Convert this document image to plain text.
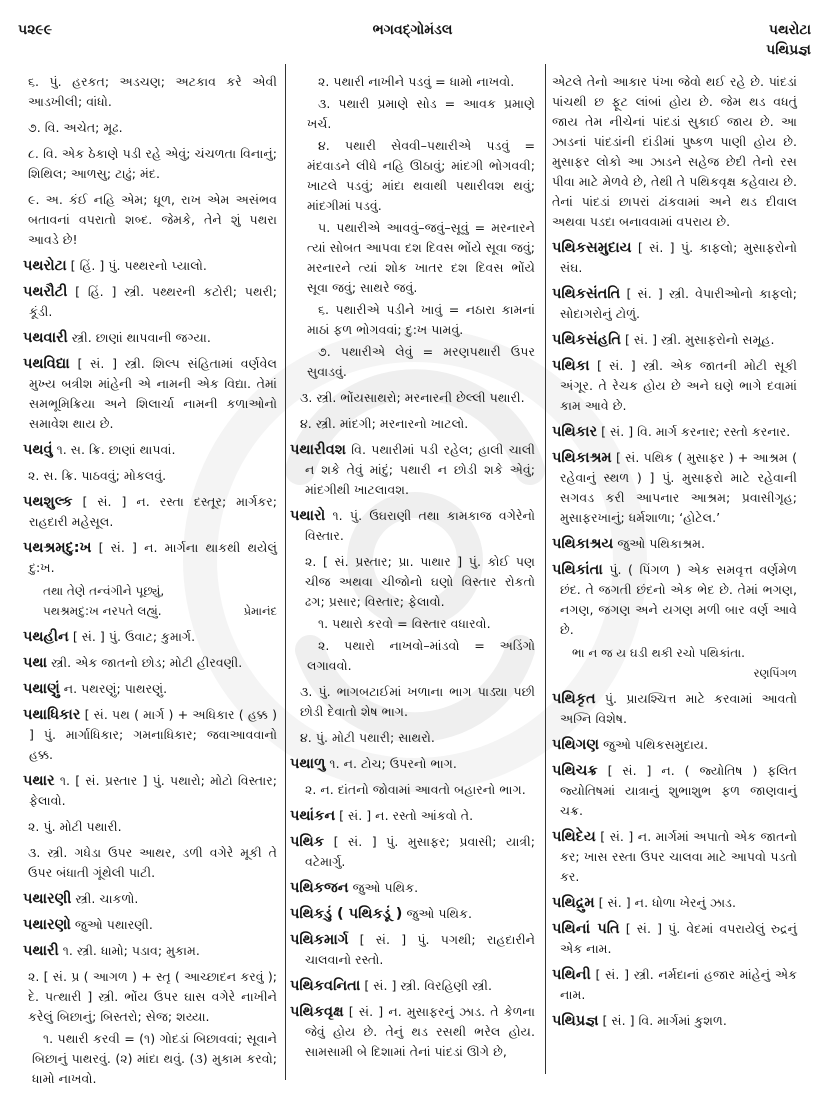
૫૨૯૯	ભગવદ્ગોમંડલ	પથરોટા
પથિપ્રજ્ઞ

૬. પું. હરકત; અડચણ; અટકાવ કરે એવી આડખીલી; વાંધો.

૭. વિ. અચેત; મૂઢ.

૮. વિ. એક ઠેકાણે પડી રહે એવું; ચંચળતા વિનાનું; શિથિલ; આળસુ; ટાઢું; મંદ.

૯. અ. કંઈ નહિ એમ; ધૂળ, રાખ એમ અસંભવ બતાવનાં વપરાતો શબ્દ. જેમકે, તેને શું પથરા આવડે છે!

પથરોટા [ હિં. ] પું. પથ્થરનો પ્યાલો.

પથરૌટી [ હિં. ] સ્ત્રી. પથ્થરની કટોરી; પથરી; કૂંડી.

પથવારી સ્ત્રી. છાણાં થાપવાની જગ્યા.

પથવિદ્યા [ સં. ] સ્ત્રી. શિલ્પ સંહિતામાં વર્ણવેલ મુખ્ય બત્રીશ માંહેની એ નામની એક વિદ્યા. તેમાં સમભૂમિક્રિયા અને શિલાર્ચા નામની કળાઓનો સમાવેશ થાય છે.

પથવું ૧. સ. ક્રિ. છાણાં થાપવાં.

૨. સ. ક્રિ. પાઠવવું; મોકલવું.

પથશુલ્ક [ સં. ] ન. રસ્તા દસ્તૂર; માર્ગકર; રાહદારી મહેસૂલ.

પથશ્રમદુ:ખ [ સં. ] ન. માર્ગના થાકથી થયેલું દુ:ખ.

તથા તેણે તન્વંગીને પૂછ્યું,
પથશ્રમદુ:ખ નરપતે લહ્યું.	પ્રેમાનંદ

પથહીન [ સં. ] પું. ઉવાટ; કુમાર્ગ.

પથા સ્ત્રી. એક જાતનો છોડ; મોટી હીરવણી.

પથાણું ન. પથરણું; પાથરણું.

પથાધિકાર [ સં. પથ ( માર્ગ ) + અધિકાર ( હક્ક ) ] પું. માર્ગાધિકાર; ગમનાધિકાર; જવાઆવવાનો હક્ક.

પથાર ૧. [ સં. પ્રસ્તાર ] પું. પથારો; મોટો વિસ્તાર; ફેલાવો.

૨. પું. મોટી પથારી.

૩. સ્ત્રી. ગધેડા ઉપર આથર, ડળી વગેરે મૂકી તે ઉપર બંધાતી ગૂંથેલી પાટી.

પથારણી સ્ત્રી. ચાકળો.

પથારણો જુઓ પથારણી.

પથારી ૧. સ્ત્રી. ધામો; પડાવ; મુકામ.

૨. [ સં. પ્ર ( આગળ ) + સ્તૃ ( આચ્છાદન કરવું ); દે. પત્થારી ] સ્ત્રી. ભોંય ઉપર ઘાસ વગેરે નાખીને કરેલું બિછાનું; બિસ્તરો; સેજ; શય્યા.

૧. પથારી કરવી = (૧) ગોદડાં બિછાવવાં; સૂવાને બિછાનું પાથરવું. (૨) માંદા થવું. (૩) મુકામ કરવો; ધામો નાખવો.

૨. પથારી નાખીને પડવું = ધામો નાખવો.

૩. પથારી પ્રમાણે સોડ = આવક પ્રમાણે ખર્ચ.

૪. પથારી સેવવી–પથારીએ પડવું = મંદવાડને લીધે નહિ ઊઠાવું; માંદગી ભોગવવી; ખાટલે પડવું; માંદા થવાથી પથારીવશ થવું; માંદગીમાં પડવું.

૫. પથારીએ આવવું–જવું–સૂવું = મરનારને ત્યાં સોબત આપવા દશ દિવસ ભોંયે સૂવા જવું; મરનારને ત્યાં શોક ખાતર દશ દિવસ ભોંયે સૂવા જવું; સાથરે જવું.

૬. પથારીએ પડીને ખાવું = નઠારા કામનાં માઠાં ફળ ભોગવવાં; દુ:ખ પામવું.

૭. પથારીએ લેવું = મરણપથારી ઉપર સુવાડવું.

૩. સ્ત્રી. ભોંયસાથરો; મરનારની છેલ્લી પથારી.

૪. સ્ત્રી. માંદગી; મરનારનો ખાટલો.

પથારીવશ વિ. પથારીમાં પડી રહેલ; હાલી ચાલી ન શકે તેવું માંદું; પથારી ન છોડી શકે એવું; માંદગીથી ખાટલાવશ.

પથારો ૧. પું. ઉઘરાણી તથા કામકાજ વગેરેનો વિસ્તાર.

૨. [ સં. પ્રસ્તાર; પ્રા. પાથાર ] પું. કોઈ પણ ચીજ અથવા ચીજોનો ઘણો વિસ્તાર રોકતો ઢગ; પ્રસાર; વિસ્તાર; ફેલાવો.

૧. પથારો કરવો = વિસ્તાર વધારવો.

૨. પથારો નાખવો–માંડવો = અડિંગો લગાવવો.

૩. પું. ભાગબટાઈમાં ખળાના ભાગ પાડ્યા પછી છોડી દેવાતો શેષ ભાગ.

૪. પું. મોટી પથારી; સાથરો.

પથાળુ ૧. ન. ટોચ; ઉપરનો ભાગ.

૨. ન. દાંતનો જોવામાં આવતો બહારનો ભાગ.

પથાંકન [ સં. ] ન. રસ્તો આંકવો તે.

પથિક [ સં. ] પું. મુસાફર; પ્રવાસી; યાત્રી; વટેમાર્ગુ.

પથિકજન જુઓ પથિક.

પથિકડું ( પથિકડૂં ) જુઓ પથિક.

પથિકમાર્ગ [ સં. ] પું. પગથી; રાહદારીને ચાલવાનો રસ્તો.

પથિકવનિતા [ સં. ] સ્ત્રી. વિરહિણી સ્ત્રી.

પથિકવૃક્ષ [ સં. ] ન. મુસાફરનું ઝાડ. તે કેળના જેવું હોય છે. તેનું થડ રસથી ભરેલ હોય. સામસામી બે દિશામાં તેનાં પાંદડાં ઊગે છે,

એટલે તેનો આકાર પંખા જેવો થઈ રહે છે. પાંદડાં પાંચથી છ ફૂટ લાંબાં હોય છે. જેમ થડ વધતું જાય તેમ નીચેનાં પાંદડાં સુકાઈ જાય છે. આ ઝાડનાં પાંદડાંની દાંડીમાં પુષ્કળ પાણી હોય છે. મુસાફર લોકો આ ઝાડને સહેજ છેદી તેનો રસ પીવા માટે મેળવે છે, તેથી તે પથિકવૃક્ષ કહેવાય છે. તેનાં પાંદડાં છાપરાં ઢાંકવામાં અને થડ દીવાલ અથવા પડદા બનાવવામાં વપરાય છે.

પથિકસમુદાય [ સં. ] પું. કાફલો; મુસાફરોનો સંઘ.

પથિકસંતતિ [ સં. ] સ્ત્રી. વેપારીઓનો કાફલો; સોદાગરોનું ટોળું.

પથિકસંહતિ [ સં. ] સ્ત્રી. મુસાફરોનો સમૂહ.

પથિકા [ સં. ] સ્ત્રી. એક જાતની મોટી સૂકી અંગૂર. તે રેચક હોય છે અને ઘણે ભાગે દવામાં કામ આવે છે.

પથિકાર [ સં. ] વિ. માર્ગ કરનાર; રસ્તો કરનાર.

પથિકાશ્રમ [ સં. પથિક ( મુસાફર ) + આશ્રમ ( રહેવાનું સ્થળ ) ] પું. મુસાફરો માટે રહેવાની સગવડ કરી આપનાર આશ્રમ; પ્રવાસીગૃહ; મુસાફરખાનું; ધર્મશાળા; ‘હોટેલ.’

પથિકાશ્રય જુઓ પથિકાશ્રમ.

પથિકાંતા પું. ( પિંગળ ) એક સમવૃત્ત વર્ણમેળ છંદ. તે જગતી છંદનો એક ભેદ છે. તેમાં ભગણ, નગણ, જગણ અને યગણ મળી બાર વર્ણ આવે છે.

ભા ન જ ય ઘડી થકી રચો પથિકાંતા.
રણપિંગળ

પથિકૃત પું. પ્રાયશ્ચિત્ત માટે કરવામાં આવતો અગ્નિ વિશેષ.

પથિગણ જુઓ પથિકસમુદાય.

પથિચક્ર [ સં. ] ન. ( જ્યોતિષ ) ફલિત જ્યોતિષમાં યાત્રાનું શુભાશુભ ફળ જાણવાનું ચક્ર.

પથિદેય [ સં. ] ન. માર્ગમાં અપાતો એક જાતનો કર; ખાસ રસ્તા ઉપર ચાલવા માટે આપવો પડતો કર.

પથિદ્રુમ [ સં. ] ન. ધોળા ખેરનું ઝાડ.

પથિનાં પતિ [ સં. ] પું. વેદમાં વપરાયેલું રુદ્રનું એક નામ.

પથિની [ સં. ] સ્ત્રી. નર્મદાનાં હજાર માંહેનું એક નામ.

પથિપ્રજ્ઞ [ સં. ] વિ. માર્ગમાં કુશળ.
